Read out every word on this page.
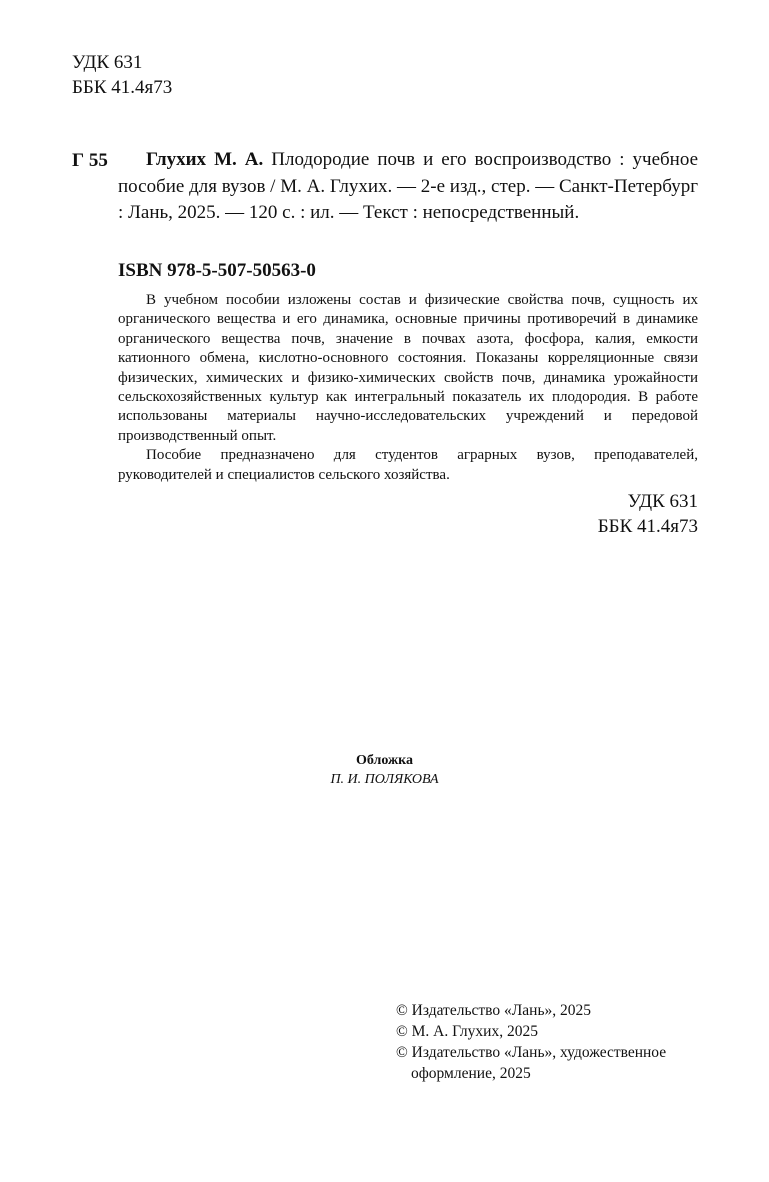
УДК 631
ББК 41.4я73
Г 55	Глухих М. А. Плодородие почв и его воспроизводство : учебное пособие для вузов / М. А. Глухих. — 2-е изд., стер. — Санкт-Петербург : Лань, 2025. — 120 с. : ил. — Текст : непосредственный.
ISBN 978-5-507-50563-0

В учебном пособии изложены состав и физические свойства почв, сущность их органического вещества и его динамика, основные причины противоречий в динамике органического вещества почв, значение в почвах азота, фосфора, калия, емкости катионного обмена, кислотно-основного состояния. Показаны корреляционные связи физических, химических и физико-химических свойств почв, динамика урожайности сельскохозяйственных культур как интегральный показатель их плодородия. В работе использованы материалы научно-исследовательских учреждений и передовой производственный опыт.

Пособие предназначено для студентов аграрных вузов, преподавателей, руководителей и специалистов сельского хозяйства.

УДК 631
ББК 41.4я73
Обложка
П. И. ПОЛЯКОВА
© Издательство «Лань», 2025
© М. А. Глухих, 2025
© Издательство «Лань», художественное
оформление, 2025
